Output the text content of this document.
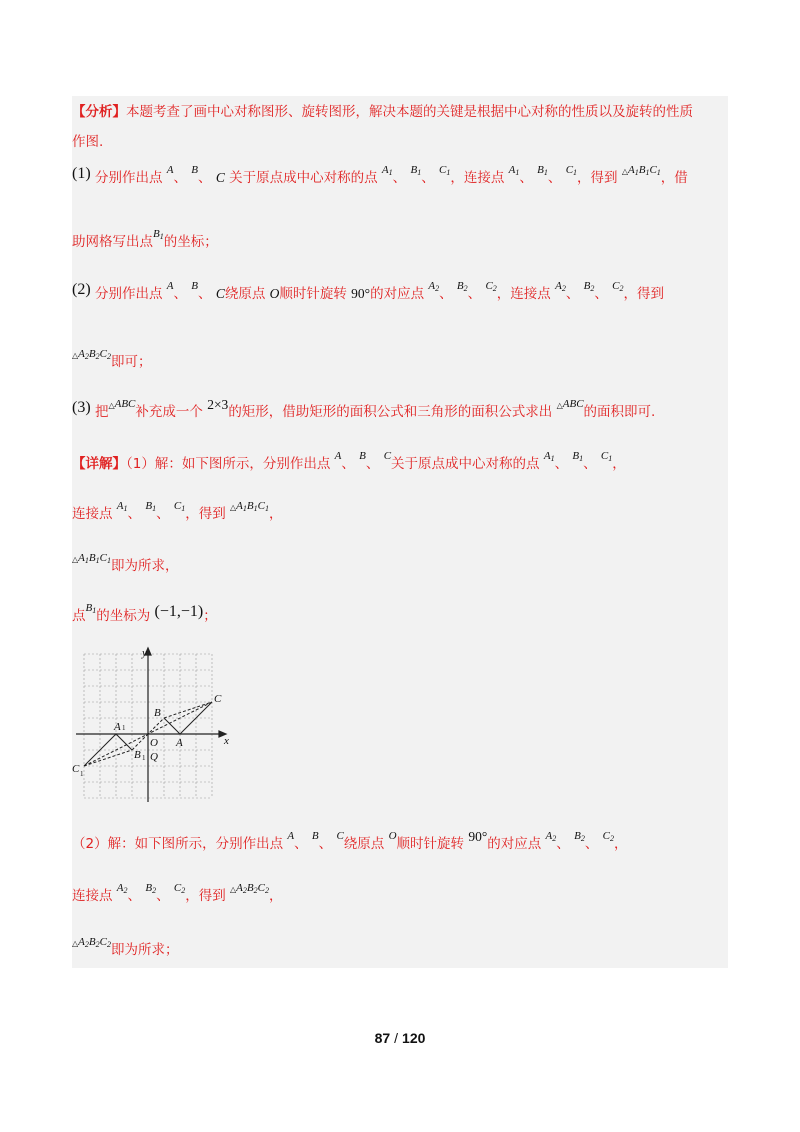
【分析】本题考查了画中心对称图形、旋转图形，解决本题的关键是根据中心对称的性质以及旋转的性质
作图.
(1) 分别作出点 $^A$、 $^B$、 C 关于原点成中心对称的点 $^{A_1}$、 $^{B_1}$、 $^{C_1}$，连接点 $^{A_1}$、 $^{B_1}$、 $^{C_1}$，得到 $^{\triangle A_1B_1C_1}$，借
助网格写出点$^{B_1}$的坐标；
(2) 分别作出点 $^A$、 $^B$、 C绕原点 O顺时针旋转 90°的对应点 $^{A_2}$、 $^{B_2}$、 $^{C_2}$，连接点 $^{A_2}$、 $^{B_2}$、 $^{C_2}$，得到
$^{\triangle A_2B_2C_2}$即可；
(3) 把$^{\triangle ABC}$补充成一个 2×3的矩形，借助矩形的面积公式和三角形的面积公式求出 $^{\triangle ABC}$的面积即可.
【详解】（1）解：如下图所示，分别作出点 $^A$、 $^B$、 $^C$关于原点成中心对称的点 $^{A_1}$、 $^{B_1}$、 $^{C_1}$，
连接点 $^{A_1}$、 $^{B_1}$、 $^{C_1}$，得到 $^{\triangle A_1B_1C_1}$，
$^{\triangle A_1B_1C_1}$即为所求，
点$^{B_1}$的坐标为 (−1,−1)；
y
x
O
Q
A
B
C
A 1
B 1
C 1
（2）解：如下图所示，分别作出点 $^A$、 $^B$、 $^C$绕原点 $^O$顺时针旋转 90°的对应点 $^{A_2}$、 $^{B_2}$、 $^{C_2}$，
连接点 $^{A_2}$、 $^{B_2}$、 $^{C_2}$，得到 $^{\triangle A_2B_2C_2}$，
$^{\triangle A_2B_2C_2}$即为所求；
87 / 120
